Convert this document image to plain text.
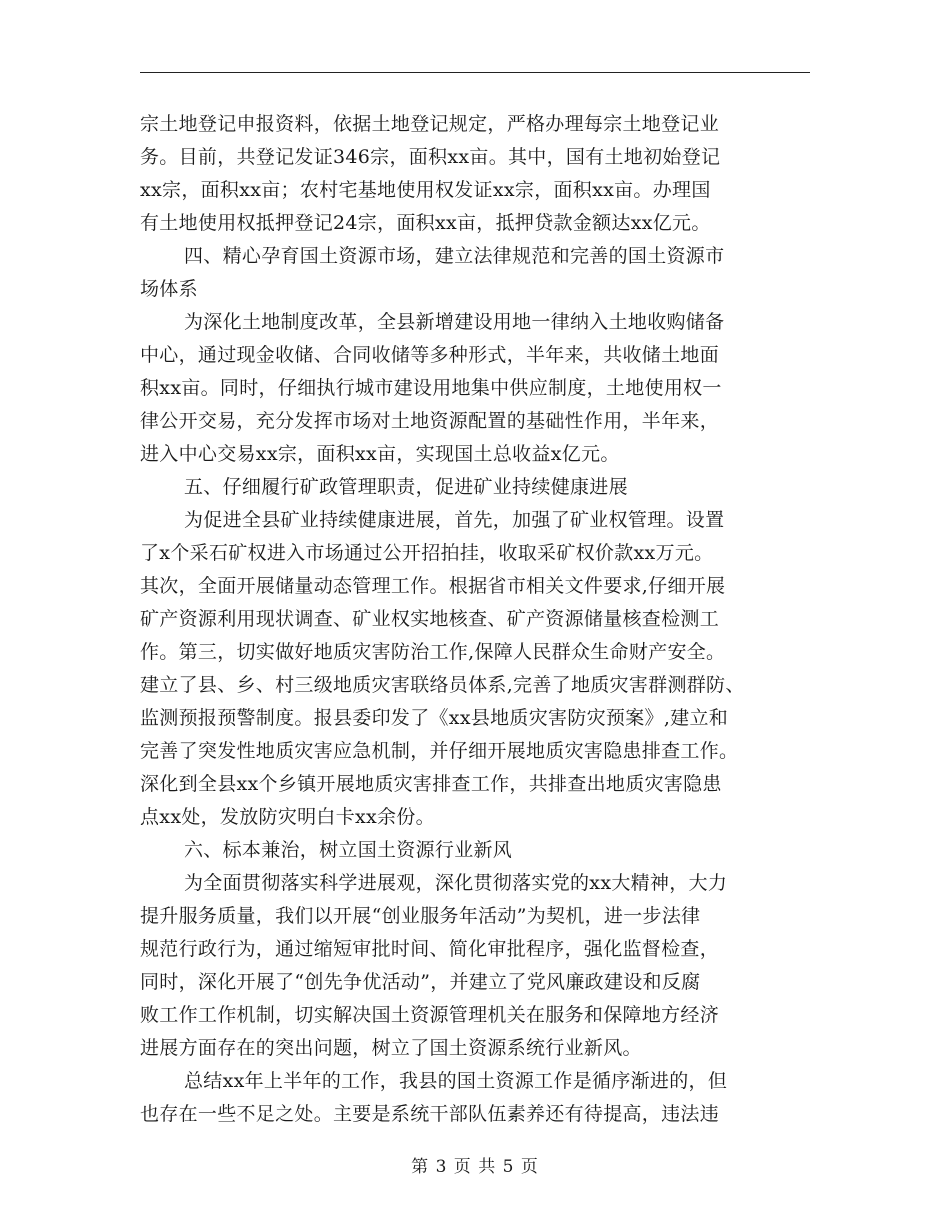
宗土地登记申报资料，依据土地登记规定，严格办理每宗土地登记业
务。目前，共登记发证346宗，面积xx亩。其中，国有土地初始登记
xx宗，面积xx亩；农村宅基地使用权发证xx宗，面积xx亩。办理国
有土地使用权抵押登记24宗，面积xx亩，抵押贷款金额达xx亿元。
四、精心孕育国土资源市场，建立法律规范和完善的国土资源市
场体系
为深化土地制度改革，全县新增建设用地一律纳入土地收购储备
中心，通过现金收储、合同收储等多种形式，半年来，共收储土地面
积xx亩。同时，仔细执行城市建设用地集中供应制度，土地使用权一
律公开交易，充分发挥市场对土地资源配置的基础性作用，半年来，
进入中心交易xx宗，面积xx亩，实现国土总收益x亿元。
五、仔细履行矿政管理职责，促进矿业持续健康进展
为促进全县矿业持续健康进展，首先，加强了矿业权管理。设置
了x个采石矿权进入市场通过公开招拍挂，收取采矿权价款xx万元。
其次，全面开展储量动态管理工作。根据省市相关文件要求,仔细开展
矿产资源利用现状调查、矿业权实地核查、矿产资源储量核查检测工
作。第三，切实做好地质灾害防治工作,保障人民群众生命财产安全。
建立了县、乡、村三级地质灾害联络员体系,完善了地质灾害群测群防、
监测预报预警制度。报县委印发了《xx县地质灾害防灾预案》,建立和
完善了突发性地质灾害应急机制，并仔细开展地质灾害隐患排查工作。
深化到全县xx个乡镇开展地质灾害排查工作，共排查出地质灾害隐患
点xx处，发放防灾明白卡xx余份。
六、标本兼治，树立国土资源行业新风
为全面贯彻落实科学进展观，深化贯彻落实党的xx大精神，大力
提升服务质量，我们以开展“创业服务年活动”为契机，进一步法律
规范行政行为，通过缩短审批时间、简化审批程序，强化监督检查，
同时，深化开展了“创先争优活动”，并建立了党风廉政建设和反腐
败工作工作机制，切实解决国土资源管理机关在服务和保障地方经济
进展方面存在的突出问题，树立了国土资源系统行业新风。
总结xx年上半年的工作，我县的国土资源工作是循序渐进的，但
也存在一些不足之处。主要是系统干部队伍素养还有待提高，违法违
第 3 页 共 5 页
